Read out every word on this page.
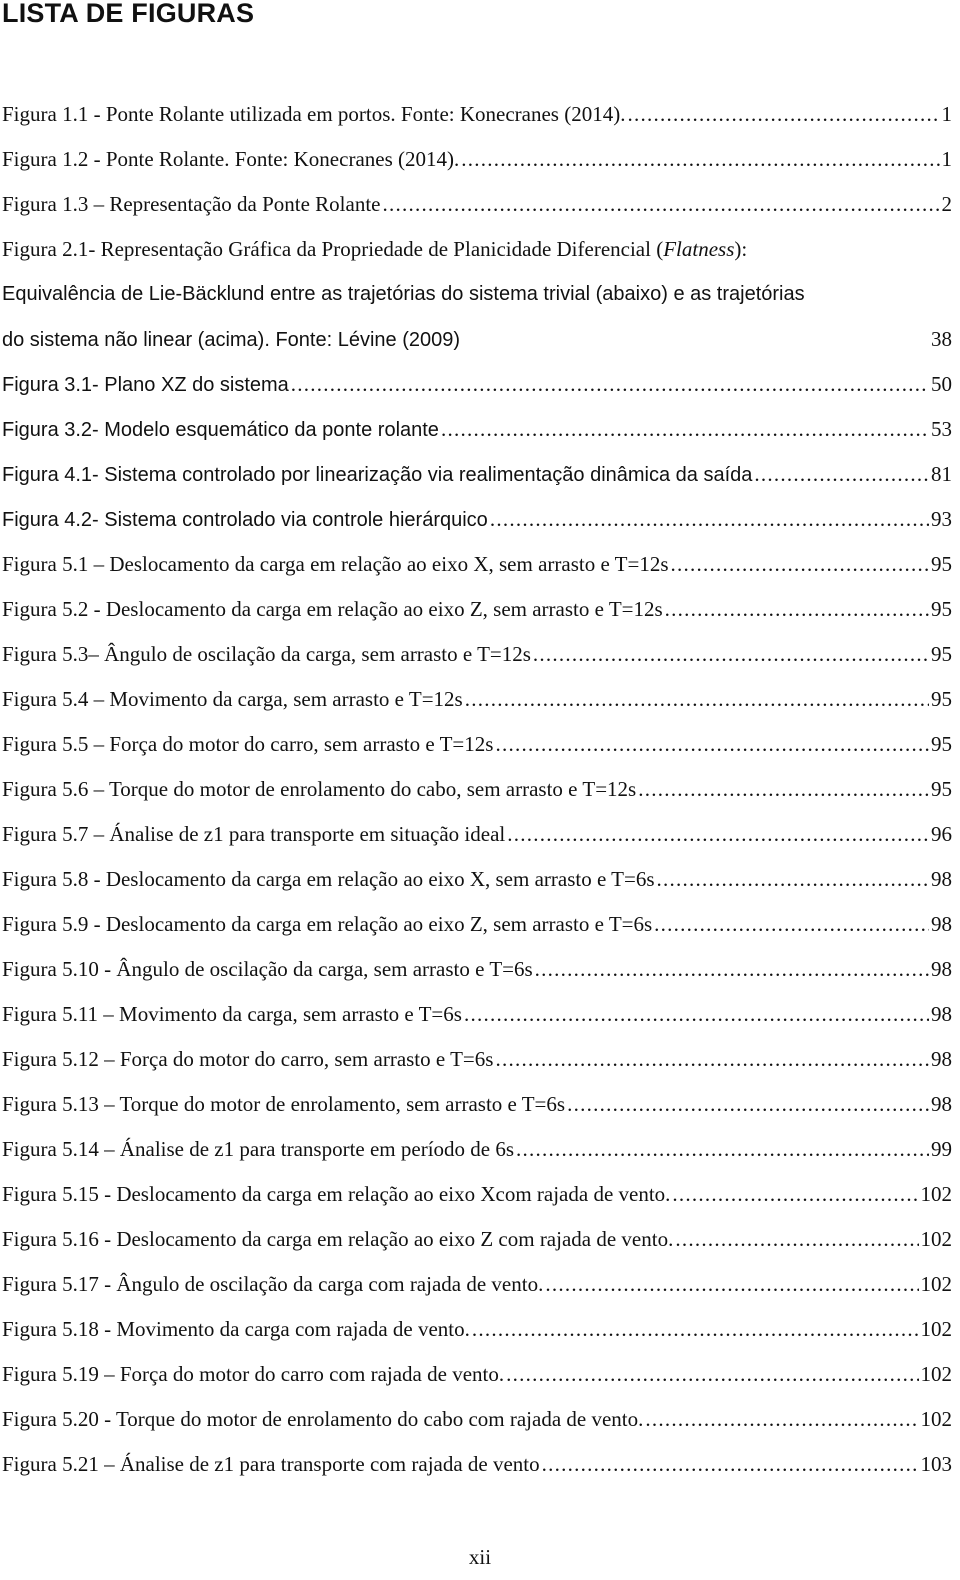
LISTA DE FIGURAS
Figura 1.1 - Ponte Rolante utilizada em portos. Fonte: Konecranes (2014). . . .	1
Figura 1.2 - Ponte Rolante. Fonte: Konecranes (2014). . . .	1
Figura 1.3 – Representação da Ponte Rolante . . .	2
Figura 2.1- Representação Gráfica da Propriedade de Planicidade Diferencial (Flatness):
Equivalência de Lie-Bäcklund entre as trajetórias do sistema trivial (abaixo) e as trajetórias
do sistema não linear (acima). Fonte: Lévine (2009)	38
Figura 3.1- Plano XZ do sistema . . .	50
Figura 3.2- Modelo esquemático da ponte rolante . . .	53
Figura 4.1- Sistema controlado por linearização via realimentação dinâmica da saída . . .	81
Figura 4.2- Sistema controlado via controle hierárquico . . .	93
Figura 5.1 – Deslocamento da carga em relação ao eixo X, sem arrasto e T=12s . . .	95
Figura 5.2 - Deslocamento da carga em relação ao eixo Z, sem arrasto e T=12s . . .	95
Figura 5.3– Ângulo de oscilação da carga, sem arrasto e T=12s . . .	95
Figura 5.4 – Movimento da carga, sem arrasto e T=12s . . .	95
Figura 5.5 – Força do motor do carro, sem arrasto e T=12s . . .	95
Figura 5.6 – Torque do motor de enrolamento do cabo, sem arrasto e T=12s . . .	95
Figura 5.7 – Ánalise de z1 para transporte em situação ideal . . .	96
Figura 5.8 - Deslocamento da carga em relação ao eixo X, sem arrasto e T=6s . . .	98
Figura 5.9 - Deslocamento da carga em relação ao eixo Z, sem arrasto e T=6s . . .	98
Figura 5.10 - Ângulo de oscilação da carga, sem arrasto e T=6s . . .	98
Figura 5.11 – Movimento da carga, sem arrasto e T=6s . . .	98
Figura 5.12 – Força do motor do carro, sem arrasto e T=6s . . .	98
Figura 5.13 – Torque do motor de enrolamento, sem arrasto e T=6s . . .	98
Figura 5.14 – Ánalise de z1 para transporte em período de 6s . . .	99
Figura 5.15 - Deslocamento da carga em relação ao eixo Xcom rajada de vento. . . .	102
Figura 5.16 - Deslocamento da carga em relação ao eixo Z com rajada de vento. . . .	102
Figura 5.17 - Ângulo de oscilação da carga com rajada de vento. . . .	102
Figura 5.18 - Movimento da carga com rajada de vento. . . .	102
Figura 5.19 – Força do motor do carro com rajada de vento. . . .	102
Figura 5.20 - Torque do motor de enrolamento do cabo com rajada de vento. . . .	102
Figura 5.21 – Ánalise de z1 para transporte com rajada de vento . . .	103
xii
